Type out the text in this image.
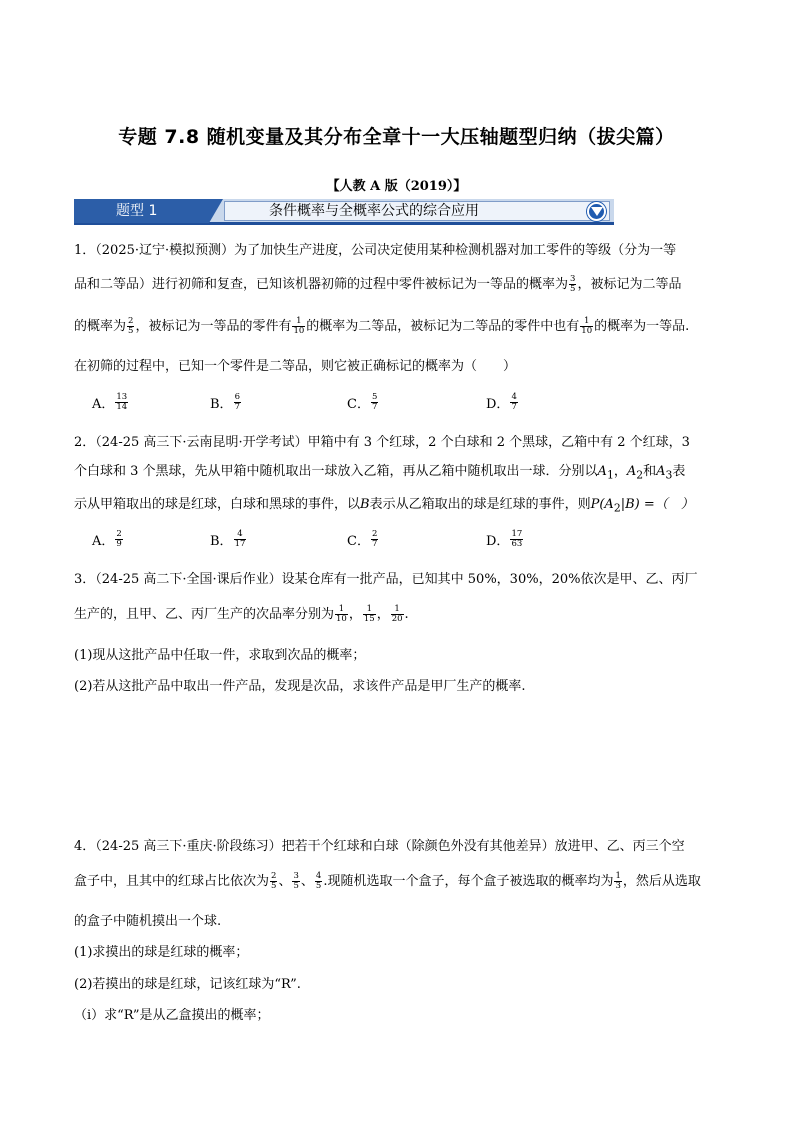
专题 7.8 随机变量及其分布全章十一大压轴题型归纳（拔尖篇）
【人教 A 版（2019）】
题型 1	条件概率与全概率公式的综合应用
1．（2025·辽宁·模拟预测）为了加快生产进度，公司决定使用某种检测机器对加工零件的等级（分为一等
品和二等品）进行初筛和复查，已知该机器初筛的过程中零件被标记为一等品的概率为 $\frac{3}{5}$ ，被标记为二等品
的概率为 $\frac{2}{5}$ ，被标记为一等品的零件有 $\frac{1}{10}$ 的概率为二等品，被标记为二等品的零件中也有 $\frac{1}{10}$ 的概率为一等品.
在初筛的过程中，已知一个零件是二等品，则它被正确标记的概率为（　　）
A． $\frac{13}{14}$	B． $\frac{6}{7}$	C． $\frac{5}{7}$	D． $\frac{4}{7}$
2．（24-25 高三下·云南昆明·开学考试）甲箱中有 3 个红球，2 个白球和 2 个黑球，乙箱中有 2 个红球，3
个白球和 3 个黑球，先从甲箱中随机取出一球放入乙箱，再从乙箱中随机取出一球．分别以$A_1$，$A_2$和$A_3$表
示从甲箱取出的球是红球，白球和黑球的事件，以B表示从乙箱取出的球是红球的事件，则$P(A_2|B)$ =（　）
A． $\frac{2}{9}$	B． $\frac{4}{17}$	C． $\frac{2}{7}$	D． $\frac{17}{63}$
3．（24-25 高二下·全国·课后作业）设某仓库有一批产品，已知其中 50%，30%，20%依次是甲、乙、丙厂
生产的，且甲、乙、丙厂生产的次品率分别为 $\frac{1}{10}$ ， $\frac{1}{15}$ ， $\frac{1}{20}$ .
(1)现从这批产品中任取一件，求取到次品的概率；
(2)若从这批产品中取出一件产品，发现是次品，求该件产品是甲厂生产的概率.
4．（24-25 高三下·重庆·阶段练习）把若干个红球和白球（除颜色外没有其他差异）放进甲、乙、丙三个空
盒子中，且其中的红球占比依次为 $\frac{2}{5}$ 、 $\frac{3}{5}$ 、 $\frac{4}{5}$ .现随机选取一个盒子，每个盒子被选取的概率均为 $\frac{1}{3}$ ，然后从选取
的盒子中随机摸出一个球.
(1)求摸出的球是红球的概率；
(2)若摸出的球是红球，记该红球为“R”.
（i）求“R”是从乙盒摸出的概率；
